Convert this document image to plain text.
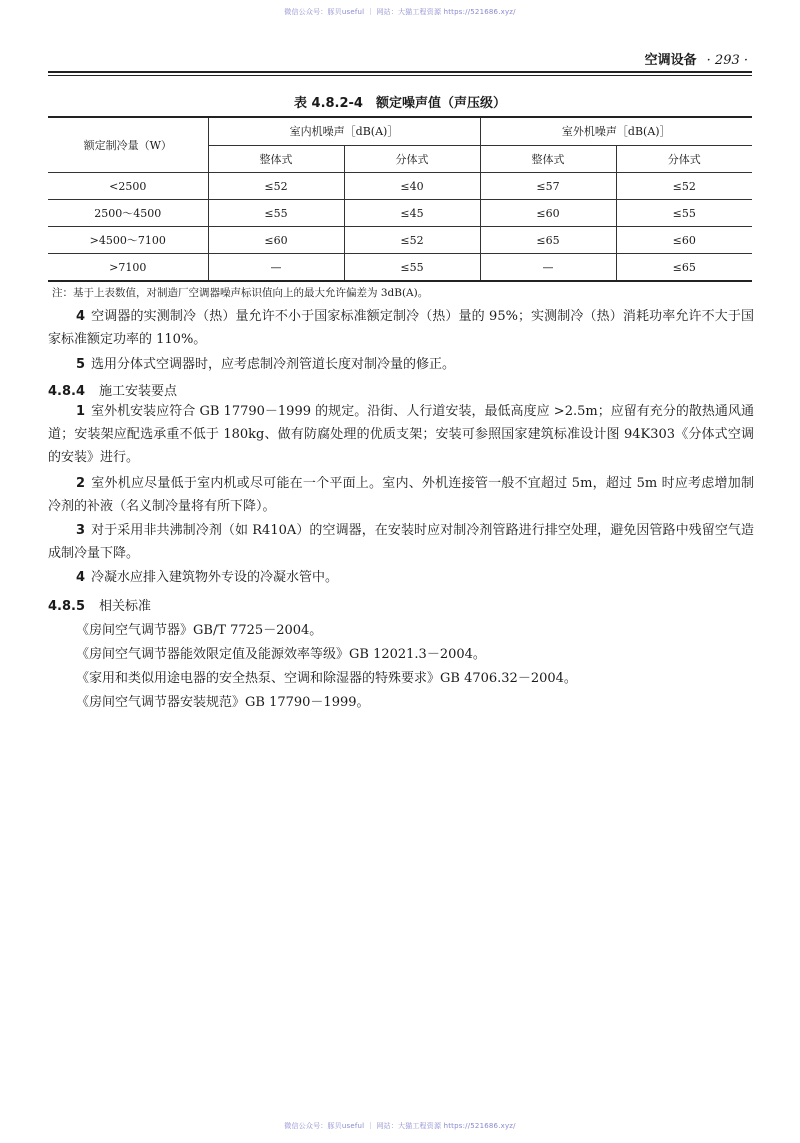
微信公众号：豚贝useful ｜ 网站：大猫工程资源 https://521686.xyz/
空调设备 · 293 ·
表 4.8.2-4　额定噪声值（声压级）
额定制冷量（W）	室内机噪声［dB(A)］		室外机噪声［dB(A)］	
	整体式	分体式	整体式	分体式
<2500	≤52	≤40	≤57	≤52
2500～4500	≤55	≤45	≤60	≤55
>4500～7100	≤60	≤52	≤65	≤60
>7100	—	≤55	—	≤65
注：基于上表数值，对制造厂空调器噪声标识值向上的最大允许偏差为 3dB(A)。
4 空调器的实测制冷（热）量允许不小于国家标准额定制冷（热）量的 95%；实测制冷（热）消耗功率允许不大于国家标准额定功率的 110%。
5 选用分体式空调器时，应考虑制冷剂管道长度对制冷量的修正。
4.8.4 施工安装要点
1 室外机安装应符合 GB 17790－1999 的规定。沿街、人行道安装，最低高度应 >2.5m；应留有充分的散热通风通道；安装架应配选承重不低于 180kg、做有防腐处理的优质支架；安装可参照国家建筑标准设计图 94K303《分体式空调的安装》进行。
2 室外机应尽量低于室内机或尽可能在一个平面上。室内、外机连接管一般不宜超过 5m，超过 5m 时应考虑增加制冷剂的补液（名义制冷量将有所下降）。
3 对于采用非共沸制冷剂（如 R410A）的空调器，在安装时应对制冷剂管路进行排空处理，避免因管路中残留空气造成制冷量下降。
4 冷凝水应排入建筑物外专设的冷凝水管中。
4.8.5 相关标准
《房间空气调节器》GB/T 7725－2004。
《房间空气调节器能效限定值及能源效率等级》GB 12021.3－2004。
《家用和类似用途电器的安全热泵、空调和除湿器的特殊要求》GB 4706.32－2004。
《房间空气调节器安装规范》GB 17790－1999。
微信公众号：豚贝useful ｜ 网站：大猫工程资源 https://521686.xyz/
